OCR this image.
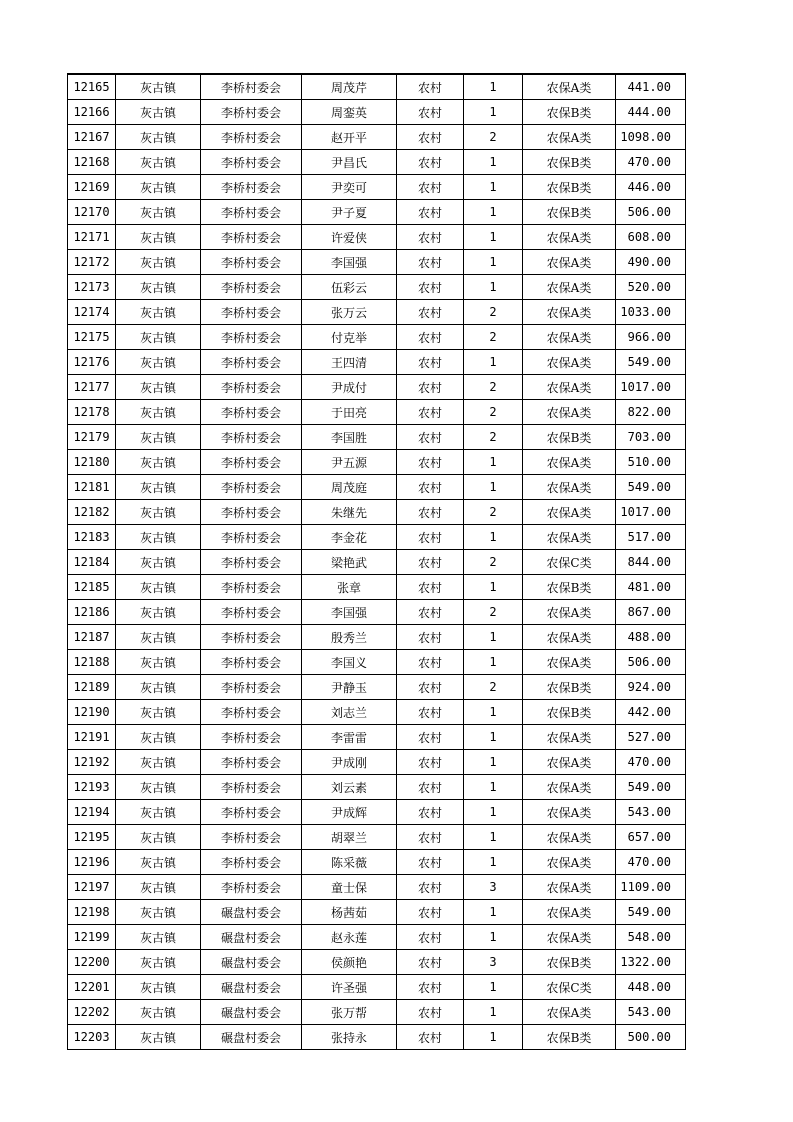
12165	灰古镇	李桥村委会	周茂芹	农村	1	农保A类	441.00
12166	灰古镇	李桥村委会	周銮英	农村	1	农保B类	444.00
12167	灰古镇	李桥村委会	赵开平	农村	2	农保A类	1098.00
12168	灰古镇	李桥村委会	尹昌氏	农村	1	农保B类	470.00
12169	灰古镇	李桥村委会	尹奕可	农村	1	农保B类	446.00
12170	灰古镇	李桥村委会	尹子夏	农村	1	农保B类	506.00
12171	灰古镇	李桥村委会	许爱侠	农村	1	农保A类	608.00
12172	灰古镇	李桥村委会	李国强	农村	1	农保A类	490.00
12173	灰古镇	李桥村委会	伍彩云	农村	1	农保A类	520.00
12174	灰古镇	李桥村委会	张万云	农村	2	农保A类	1033.00
12175	灰古镇	李桥村委会	付克举	农村	2	农保A类	966.00
12176	灰古镇	李桥村委会	王四清	农村	1	农保A类	549.00
12177	灰古镇	李桥村委会	尹成付	农村	2	农保A类	1017.00
12178	灰古镇	李桥村委会	于田亮	农村	2	农保A类	822.00
12179	灰古镇	李桥村委会	李国胜	农村	2	农保B类	703.00
12180	灰古镇	李桥村委会	尹五源	农村	1	农保A类	510.00
12181	灰古镇	李桥村委会	周茂庭	农村	1	农保A类	549.00
12182	灰古镇	李桥村委会	朱继先	农村	2	农保A类	1017.00
12183	灰古镇	李桥村委会	李金花	农村	1	农保A类	517.00
12184	灰古镇	李桥村委会	梁艳武	农村	2	农保C类	844.00
12185	灰古镇	李桥村委会	张章	农村	1	农保B类	481.00
12186	灰古镇	李桥村委会	李国强	农村	2	农保A类	867.00
12187	灰古镇	李桥村委会	殷秀兰	农村	1	农保A类	488.00
12188	灰古镇	李桥村委会	李国义	农村	1	农保A类	506.00
12189	灰古镇	李桥村委会	尹静玉	农村	2	农保B类	924.00
12190	灰古镇	李桥村委会	刘志兰	农村	1	农保B类	442.00
12191	灰古镇	李桥村委会	李雷雷	农村	1	农保A类	527.00
12192	灰古镇	李桥村委会	尹成刚	农村	1	农保A类	470.00
12193	灰古镇	李桥村委会	刘云素	农村	1	农保A类	549.00
12194	灰古镇	李桥村委会	尹成辉	农村	1	农保A类	543.00
12195	灰古镇	李桥村委会	胡翠兰	农村	1	农保A类	657.00
12196	灰古镇	李桥村委会	陈采薇	农村	1	农保A类	470.00
12197	灰古镇	李桥村委会	童士保	农村	3	农保A类	1109.00
12198	灰古镇	碾盘村委会	杨茜茹	农村	1	农保A类	549.00
12199	灰古镇	碾盘村委会	赵永莲	农村	1	农保A类	548.00
12200	灰古镇	碾盘村委会	侯颜艳	农村	3	农保B类	1322.00
12201	灰古镇	碾盘村委会	许圣强	农村	1	农保C类	448.00
12202	灰古镇	碾盘村委会	张万帮	农村	1	农保A类	543.00
12203	灰古镇	碾盘村委会	张持永	农村	1	农保B类	500.00
